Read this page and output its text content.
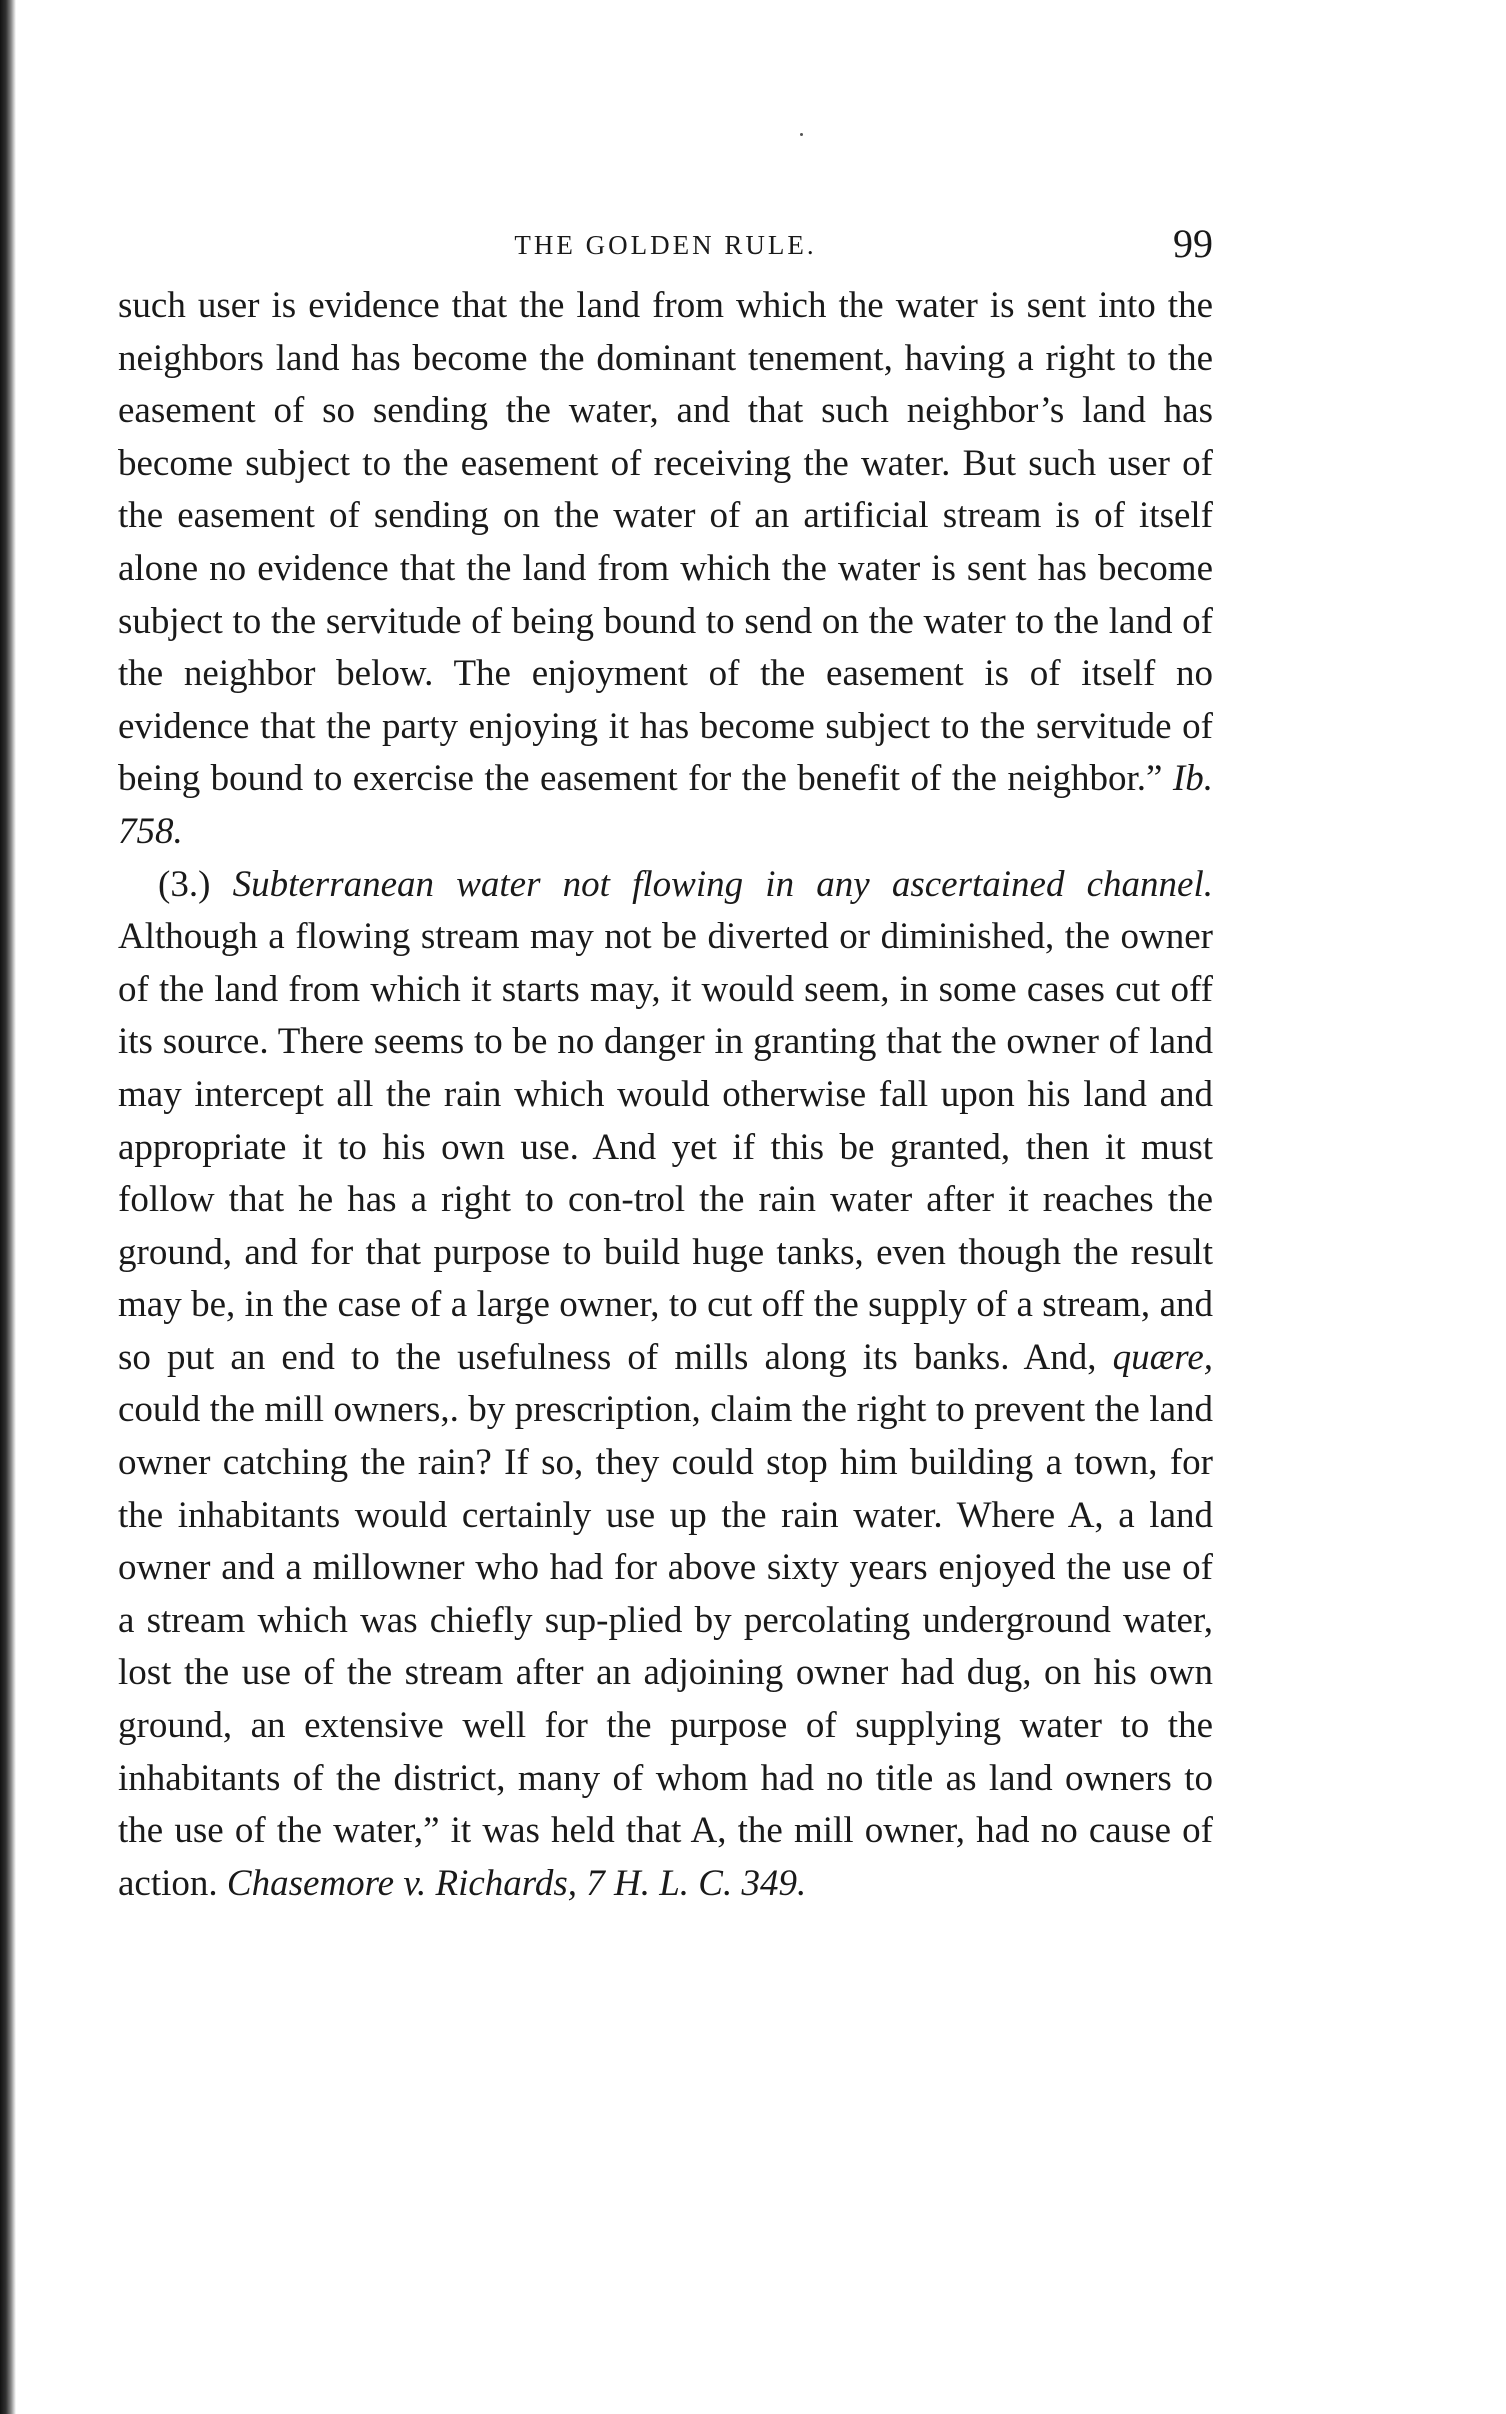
THE GOLDEN RULE.	99

such user is evidence that the land from which the water is sent into the neighbors land has become the dominant tenement, having a right to the easement of so sending the water, and that such neighbor’s land has become subject to the easement of receiving the water. But such user of the easement of sending on the water of an artificial stream is of itself alone no evidence that the land from which the water is sent has become subject to the servitude of being bound to send on the water to the land of the neighbor below. The enjoyment of the easement is of itself no evidence that the party enjoying it has become subject to the servitude of being bound to exercise the easement for the benefit of the neighbor.” Ib. 758.

(3.) Subterranean water not flowing in any ascertained channel. Although a flowing stream may not be diverted or diminished, the owner of the land from which it starts may, it would seem, in some cases cut off its source. There seems to be no danger in granting that the owner of land may intercept all the rain which would otherwise fall upon his land and appropriate it to his own use. And yet if this be granted, then it must follow that he has a right to con-trol the rain water after it reaches the ground, and for that purpose to build huge tanks, even though the result may be, in the case of a large owner, to cut off the supply of a stream, and so put an end to the usefulness of mills along its banks. And, quære, could the mill owners,. by prescription, claim the right to prevent the land owner catching the rain? If so, they could stop him building a town, for the inhabitants would certainly use up the rain water. Where A, a land owner and a millowner who had for above sixty years enjoyed the use of a stream which was chiefly sup-plied by percolating underground water, lost the use of the stream after an adjoining owner had dug, on his own ground, an extensive well for the purpose of supplying water to the inhabitants of the district, many of whom had no title as land owners to the use of the water,” it was held that A, the mill owner, had no cause of action. Chasemore v. Richards, 7 H. L. C. 349.
